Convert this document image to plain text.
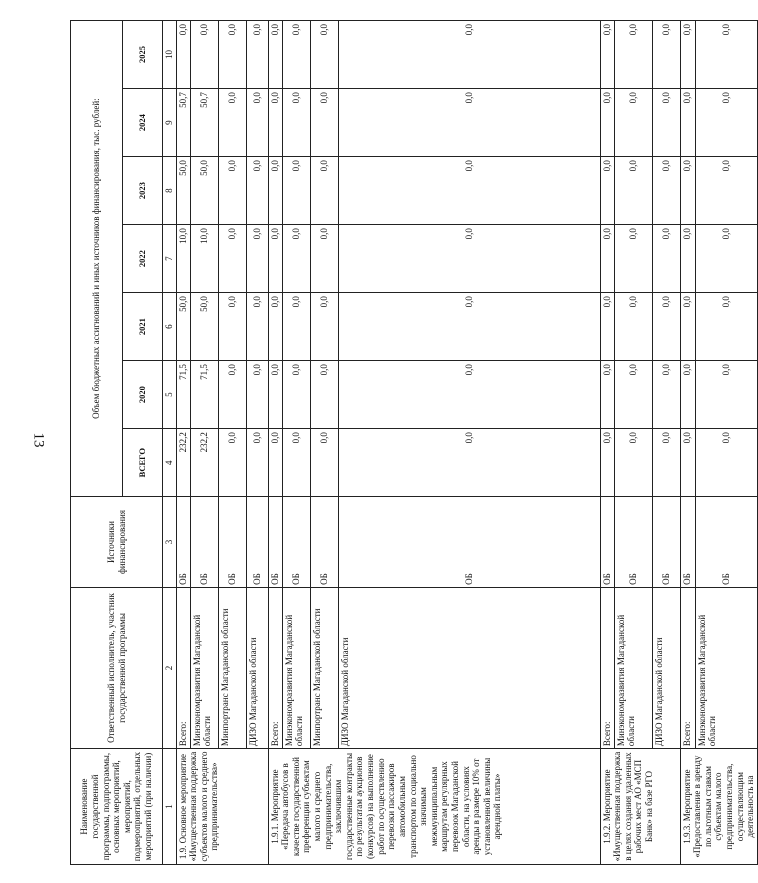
13
Наименование государственной программы, подпрограммы, основных мероприятий, мероприятий, подмероприятий, отдельных мероприятий (при наличии)	Ответственный исполнитель, участник государственной программы	Источники финансирования	Объем бюджетных ассигнований и иных источников финансирования, тыс. рублей:						
			ВСЕГО	2020	2021	2022	2023	2024	2025
1	2	3	4	5	6	7	8	9	10
1.9. Основное мероприятие «Имущественная поддержка субъектов малого и среднего предпринимательства»	Всего:	ОБ	232,2	71,5	50,0	10,0	50,0	50,7	0,0
	Минэкономразвития Магаданской области	ОБ	232,2	71,5	50,0	10,0	50,0	50,7	0,0
	Минпортранс Магаданской области	ОБ	0,0	0,0	0,0	0,0	0,0	0,0	0,0
	ДИЗО Магаданской области	ОБ	0,0	0,0	0,0	0,0	0,0	0,0	0,0
1.9.1. Мероприятие «Передача автобусов в качестве государственной преференции субъектам малого и среднего предпринимательства, заключившим государственные контракты по результатам аукционов (конкурсов) на выполнение работ по осуществлению перевозки пассажиров автомобильным транспортом по социально значимым межмуниципальным маршрутам регулярных перевозок Магаданской области, на условиях аренды в размере 10% от установленной величины арендной платы»	Всего:	ОБ	0,0	0,0	0,0	0,0	0,0	0,0	0,0
	Минэкономразвития Магаданской области	ОБ	0,0	0,0	0,0	0,0	0,0	0,0	0,0
	Минпортранс Магаданской области	ОБ	0,0	0,0	0,0	0,0	0,0	0,0	0,0
	ДИЗО Магаданской области	ОБ	0,0	0,0	0,0	0,0	0,0	0,0	0,0
1.9.2. Мероприятие «Имущественная поддержка в целях создания удаленных рабочих мест АО «МСП Банк» на базе РГО	Всего:	ОБ	0,0	0,0	0,0	0,0	0,0	0,0	0,0
	Минэкономразвития Магаданской области	ОБ	0,0	0,0	0,0	0,0	0,0	0,0	0,0
	ДИЗО Магаданской области	ОБ	0,0	0,0	0,0	0,0	0,0	0,0	0,0
1.9.3. Мероприятие «Предоставление в аренду по льготным ставкам субъектам малого предпринимательства, осуществляющим деятельность на	Всего:	ОБ	0,0	0,0	0,0	0,0	0,0	0,0	0,0
	Минэкономразвития Магаданской области	ОБ	0,0	0,0	0,0	0,0	0,0	0,0	0,0
